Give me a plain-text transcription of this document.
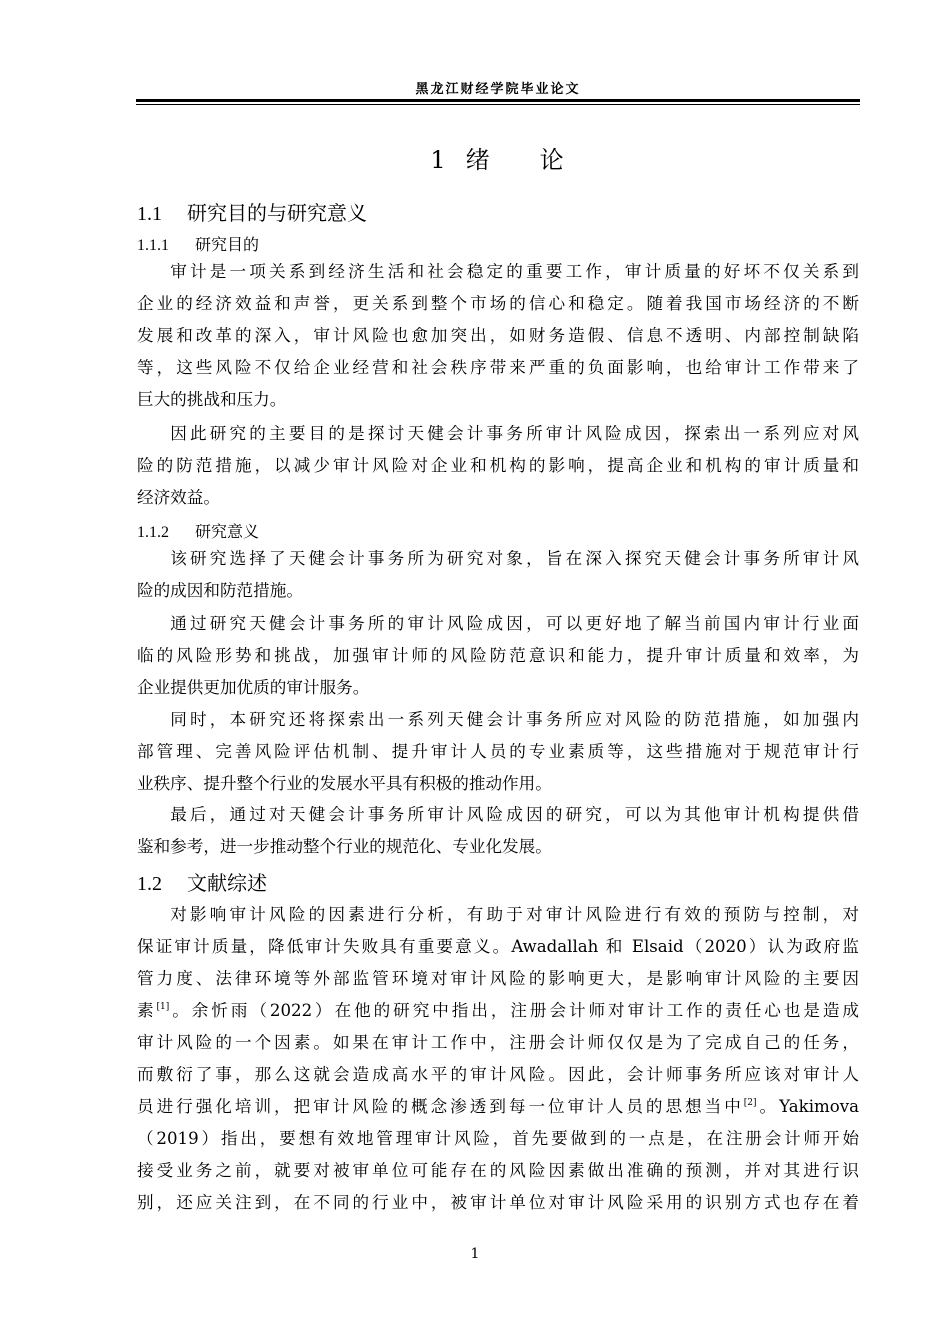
黑龙江财经学院毕业论文
1 绪 论
1.1 研究目的与研究意义
1.1.1 研究目的
审计是一项关系到经济生活和社会稳定的重要工作，审计质量的好坏不仅关系到
企业的经济效益和声誉，更关系到整个市场的信心和稳定。随着我国市场经济的不断
发展和改革的深入，审计风险也愈加突出，如财务造假、信息不透明、内部控制缺陷
等，这些风险不仅给企业经营和社会秩序带来严重的负面影响，也给审计工作带来了
巨大的挑战和压力。
因此研究的主要目的是探讨天健会计事务所审计风险成因，探索出一系列应对风
险的防范措施，以减少审计风险对企业和机构的影响，提高企业和机构的审计质量和
经济效益。
1.1.2 研究意义
该研究选择了天健会计事务所为研究对象，旨在深入探究天健会计事务所审计风
险的成因和防范措施。
通过研究天健会计事务所的审计风险成因，可以更好地了解当前国内审计行业面
临的风险形势和挑战，加强审计师的风险防范意识和能力，提升审计质量和效率，为
企业提供更加优质的审计服务。
同时，本研究还将探索出一系列天健会计事务所应对风险的防范措施，如加强内
部管理、完善风险评估机制、提升审计人员的专业素质等，这些措施对于规范审计行
业秩序、提升整个行业的发展水平具有积极的推动作用。
最后，通过对天健会计事务所审计风险成因的研究，可以为其他审计机构提供借
鉴和参考，进一步推动整个行业的规范化、专业化发展。
1.2 文献综述
对影响审计风险的因素进行分析，有助于对审计风险进行有效的预防与控制，对
保证审计质量，降低审计失败具有重要意义。Awadallah 和 Elsaid（2020）认为政府监
管力度、法律环境等外部监管环境对审计风险的影响更大，是影响审计风险的主要因
素[1]。余忻雨（2022）在他的研究中指出，注册会计师对审计工作的责任心也是造成
审计风险的一个因素。如果在审计工作中，注册会计师仅仅是为了完成自己的任务，
而敷衍了事，那么这就会造成高水平的审计风险。因此，会计师事务所应该对审计人
员进行强化培训，把审计风险的概念渗透到每一位审计人员的思想当中[2]。Yakimova
（2019）指出，要想有效地管理审计风险，首先要做到的一点是，在注册会计师开始
接受业务之前，就要对被审单位可能存在的风险因素做出准确的预测，并对其进行识
别，还应关注到，在不同的行业中，被审计单位对审计风险采用的识别方式也存在着
1
